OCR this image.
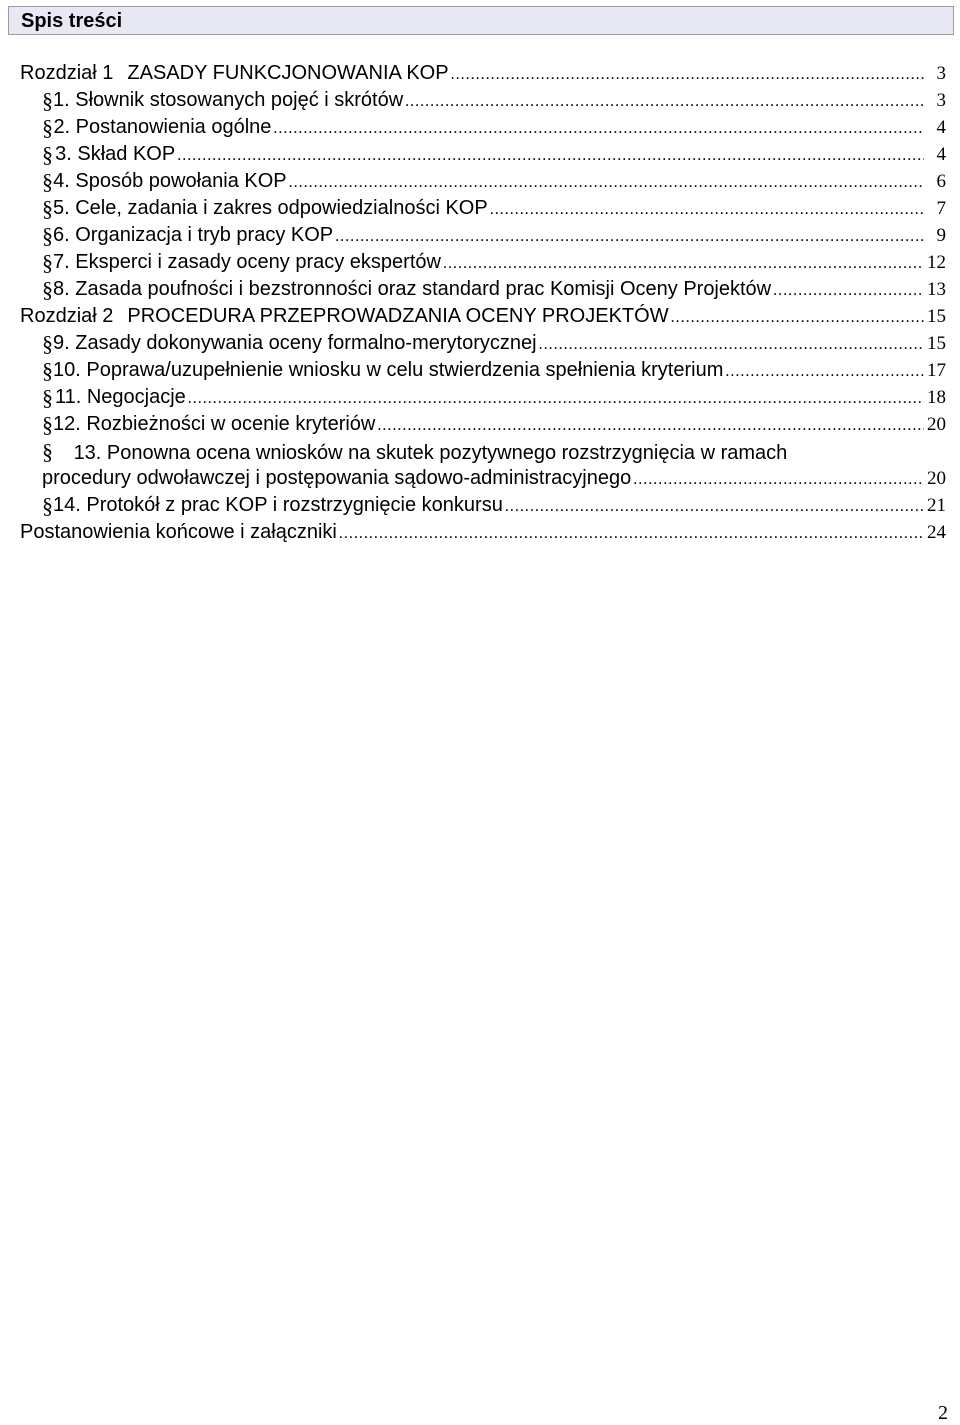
Spis treści
Rozdział 1 ZASADY FUNKCJONOWANIA KOP .....	3
§ 1. Słownik stosowanych pojęć i skrótów .....	3
§ 2. Postanowienia ogólne .....	4
§ 3. Skład KOP .....	4
§ 4. Sposób powołania KOP .....	6
§ 5. Cele, zadania i zakres odpowiedzialności KOP .....	7
§ 6. Organizacja i tryb pracy KOP .....	9
§ 7. Eksperci i zasady oceny pracy ekspertów .....	12
§ 8. Zasada poufności i bezstronności oraz standard prac Komisji Oceny Projektów .....	13
Rozdział 2 PROCEDURA PRZEPROWADZANIA OCENY PROJEKTÓW .....	15
§ 9. Zasady dokonywania oceny formalno-merytorycznej .....	15
§ 10. Poprawa/uzupełnienie wniosku w celu stwierdzenia spełnienia kryterium .....	17
§ 11. Negocjacje .....	18
§ 12. Rozbieżności w ocenie kryteriów .....	20
§ 13. Ponowna ocena wniosków na skutek pozytywnego rozstrzygnięcia w ramach
procedury odwoławczej i postępowania sądowo-administracyjnego .....	20
§ 14. Protokół z prac KOP i rozstrzygnięcie konkursu .....	21
Postanowienia końcowe i załączniki .....	24
2
